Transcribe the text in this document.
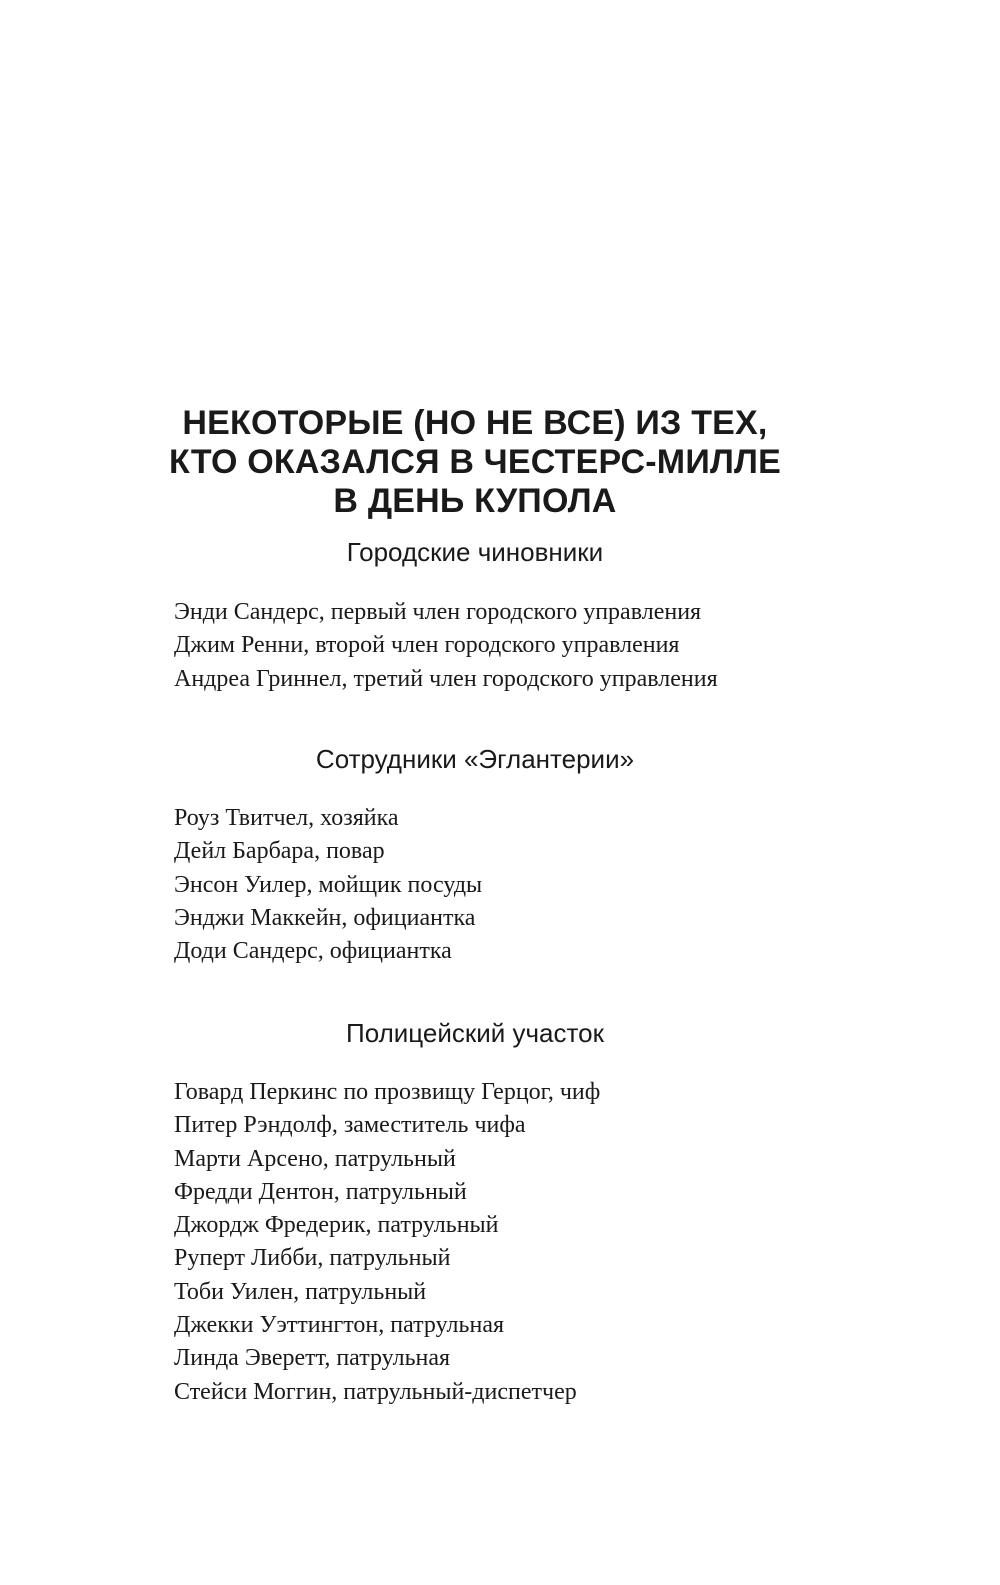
НЕКОТОРЫЕ (НО НЕ ВСЕ) ИЗ ТЕХ,
КТО ОКАЗАЛСЯ В ЧЕСТЕРС-МИЛЛЕ
В ДЕНЬ КУПОЛА
Городские чиновники
Энди Сандерс, первый член городского управления
Джим Ренни, второй член городского управления
Андреа Гриннел, третий член городского управления
Сотрудники «Эглантерии»
Роуз Твитчел, хозяйка
Дейл Барбара, повар
Энсон Уилер, мойщик посуды
Энджи Маккейн, официантка
Доди Сандерс, официантка
Полицейский участок
Говард Перкинс по прозвищу Герцог, чиф
Питер Рэндолф, заместитель чифа
Марти Арсено, патрульный
Фредди Дентон, патрульный
Джордж Фредерик, патрульный
Руперт Либби, патрульный
Тоби Уилен, патрульный
Джекки Уэттингтон, патрульная
Линда Эверетт, патрульная
Стейси Моггин, патрульный-диспетчер
